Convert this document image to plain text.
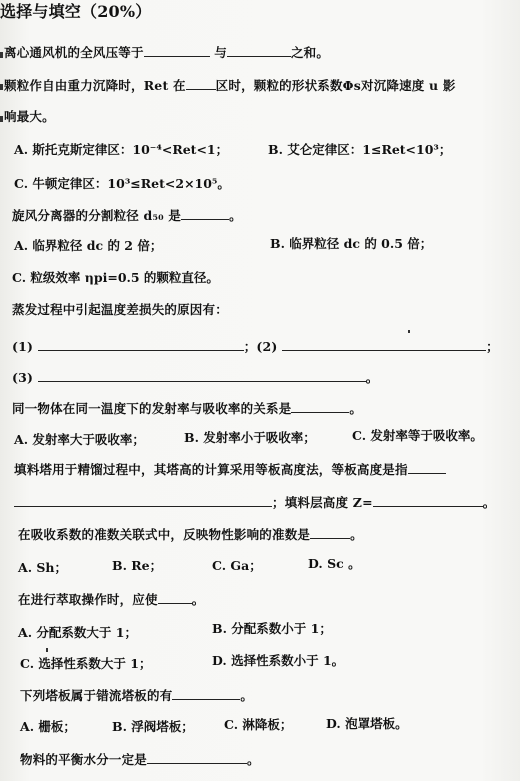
选择与填空（20%）
离心通风机的全风压等于	与	之和。
颗粒作自由重力沉降时，Ret 在 区时，颗粒的形状系数Φs对沉降速度 u 影
响最大。
A. 斯托克斯定律区：10⁻⁴<Ret<1；	B. 艾仑定律区：1≤Ret<10³；
C. 牛顿定律区：10³≤Ret<2×10⁵。
旋风分离器的分割粒径 d₅₀ 是	。
A. 临界粒径 dc 的 2 倍；	B. 临界粒径 dc 的 0.5 倍；
C. 粒级效率 ηpi=0.5 的颗粒直径。
蒸发过程中引起温度差损失的原因有：
(1)	；(2)	；
(3)	。
同一物体在同一温度下的发射率与吸收率的关系是	。
A. 发射率大于吸收率；	B. 发射率小于吸收率；	C. 发射率等于吸收率。
填料塔用于精馏过程中，其塔高的计算采用等板高度法，等板高度是指
；填料层高度 Z=	。
在吸收系数的准数关联式中，反映物性影响的准数是	。
A. Sh；	B. Re；	C. Ga；	D. Sc 。
在进行萃取操作时，应使	。
A. 分配系数大于 1；	B. 分配系数小于 1；
C. 选择性系数大于 1；	D. 选择性系数小于 1。
下列塔板属于错流塔板的有	。
A. 栅板；	B. 浮阀塔板； C. 淋降板；	D. 泡罩塔板。
物料的平衡水分一定是	。
